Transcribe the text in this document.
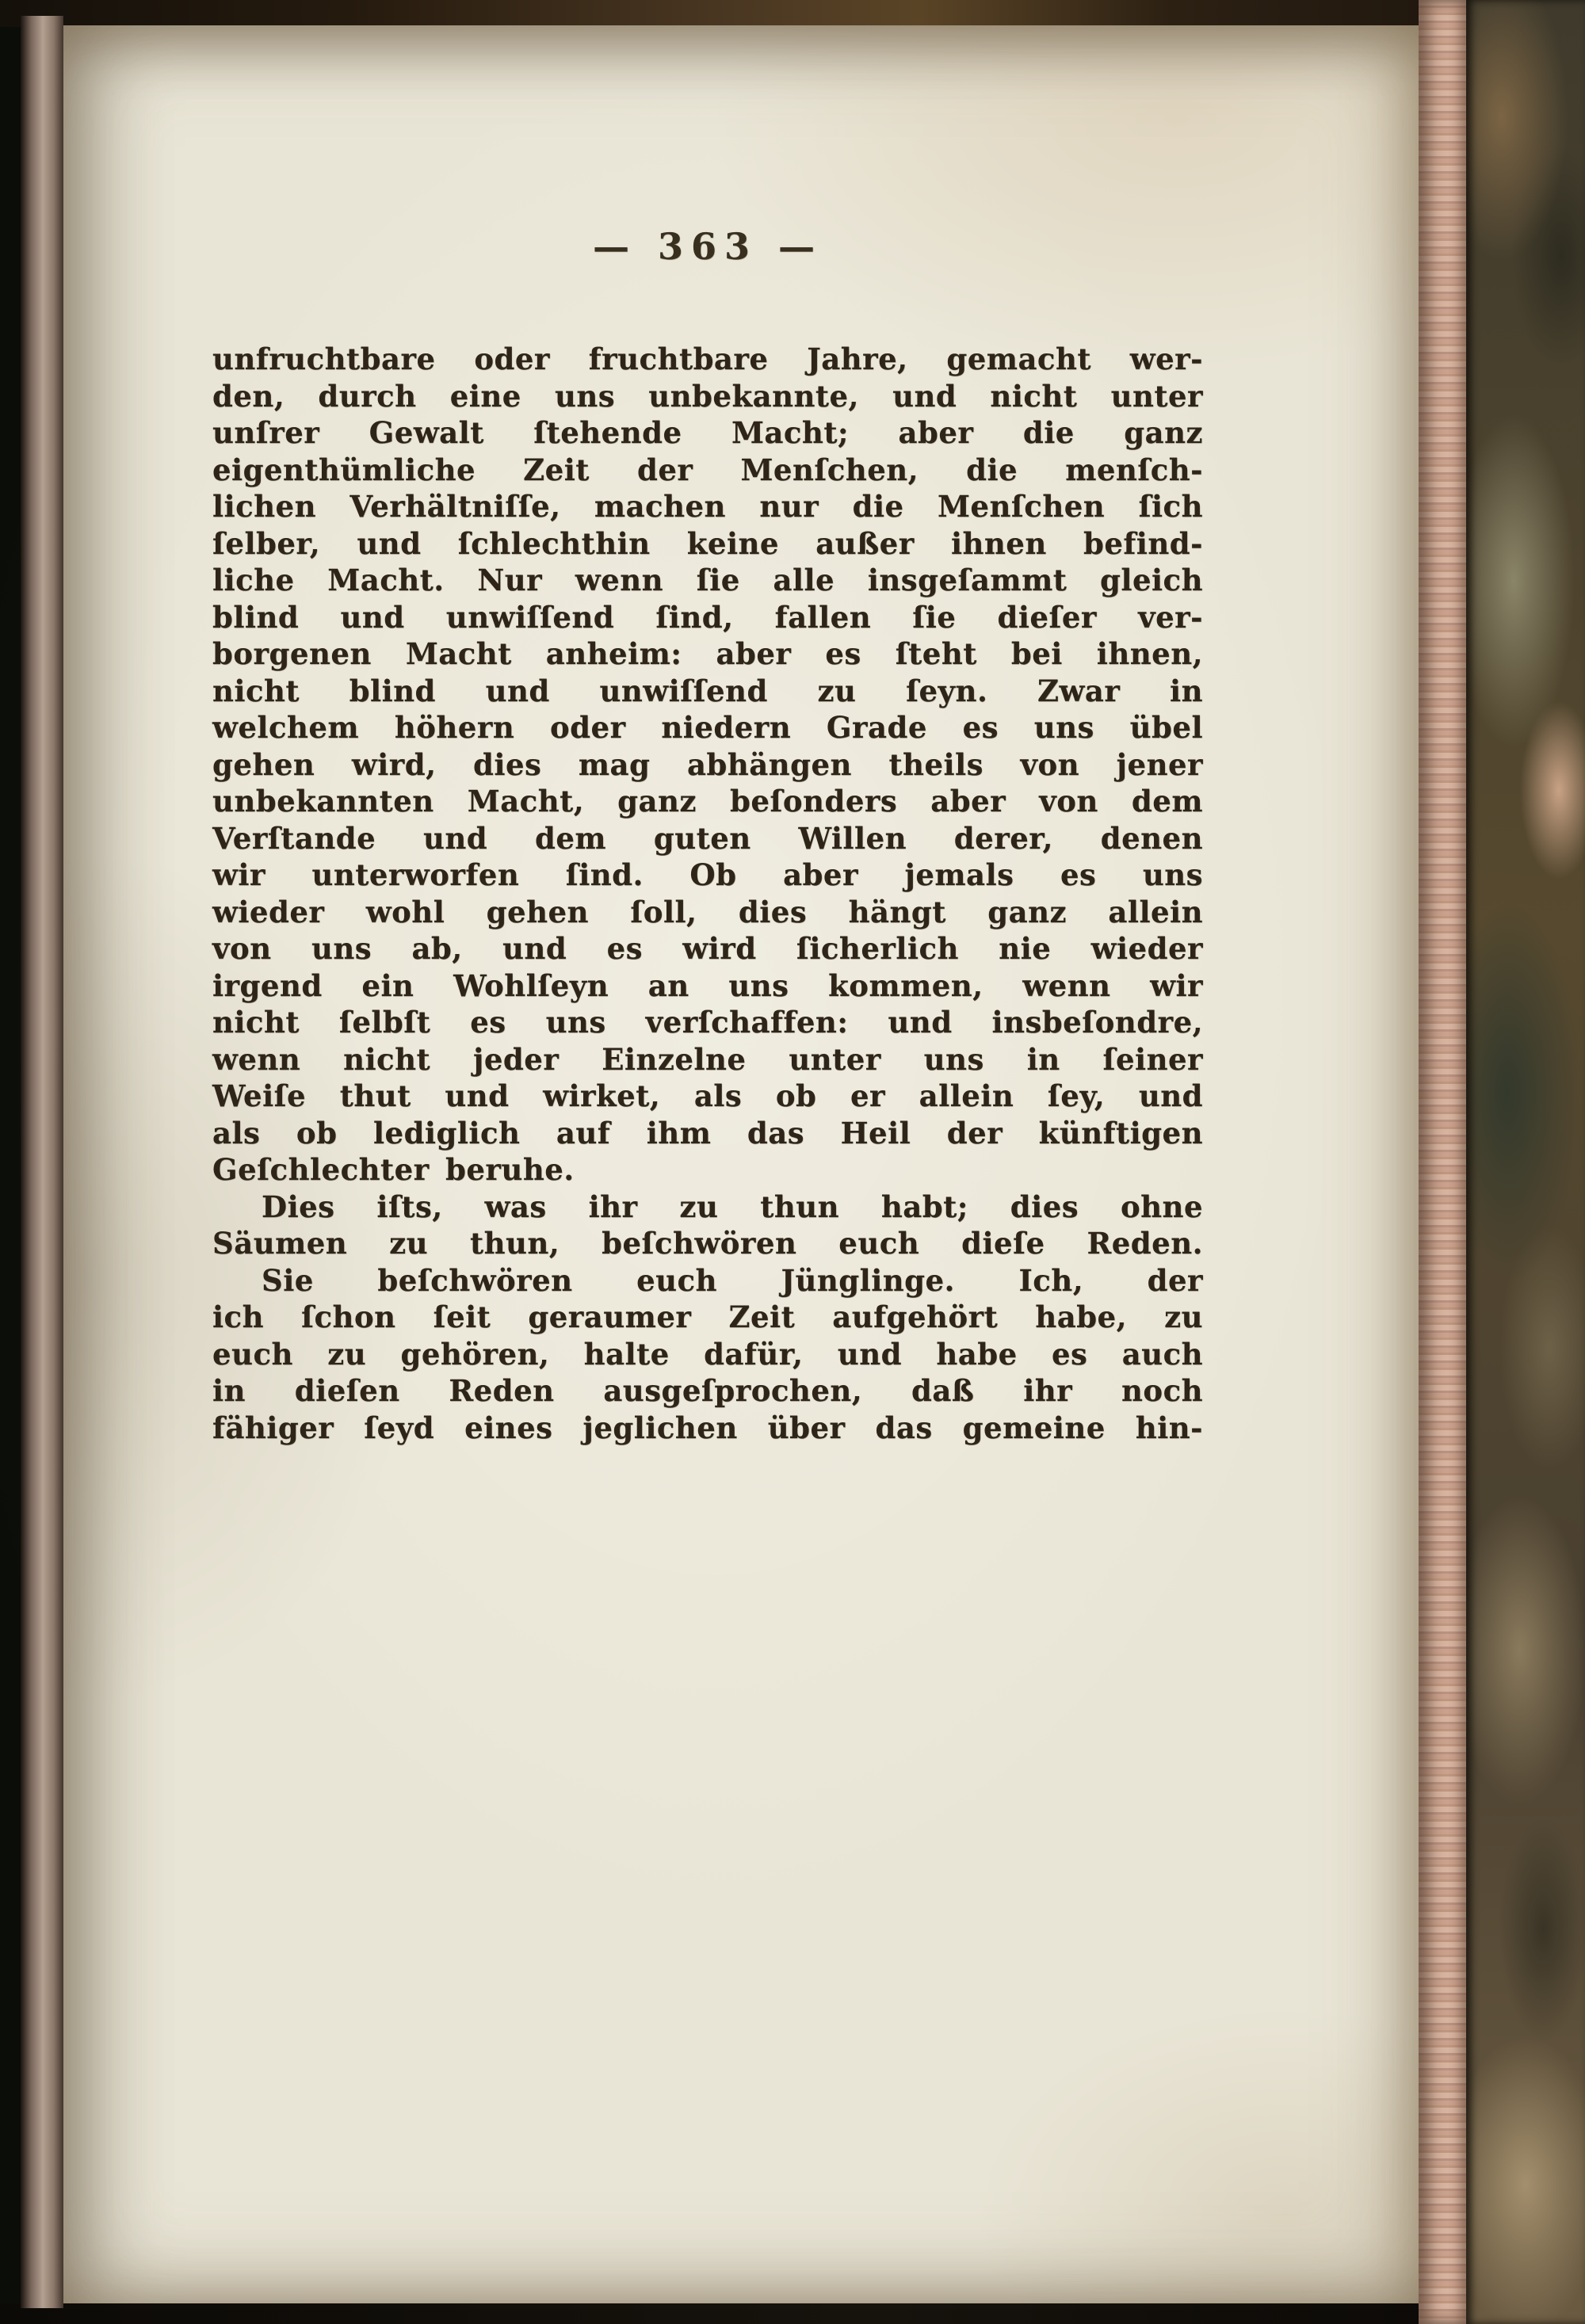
— 363 —
unfruchtbare oder fruchtbare Jahre, gemacht wer-
den, durch eine uns unbekannte, und nicht unter
unſrer Gewalt ſtehende Macht; aber die ganz
eigenthümliche Zeit der Menſchen, die menſch-
lichen Verhältniſſe, machen nur die Menſchen ſich
ſelber, und ſchlechthin keine außer ihnen befind-
liche Macht. Nur wenn ſie alle insgeſammt gleich
blind und unwiſſend ſind, fallen ſie dieſer ver-
borgenen Macht anheim: aber es ſteht bei ihnen,
nicht blind und unwiſſend zu ſeyn. Zwar in
welchem höhern oder niedern Grade es uns übel
gehen wird, dies mag abhängen theils von jener
unbekannten Macht, ganz beſonders aber von dem
Verſtande und dem guten Willen derer, denen
wir unterworfen ſind. Ob aber jemals es uns
wieder wohl gehen ſoll, dies hängt ganz allein
von uns ab, und es wird ſicherlich nie wieder
irgend ein Wohlſeyn an uns kommen, wenn wir
nicht ſelbſt es uns verſchaffen: und insbeſondre,
wenn nicht jeder Einzelne unter uns in ſeiner
Weiſe thut und wirket, als ob er allein ſey, und
als ob lediglich auf ihm das Heil der künftigen
Geſchlechter beruhe.
Dies iſts, was ihr zu thun habt; dies ohne
Säumen zu thun, beſchwören euch dieſe Reden.
Sie beſchwören euch Jünglinge. Ich, der
ich ſchon ſeit geraumer Zeit aufgehört habe, zu
euch zu gehören, halte dafür, und habe es auch
in dieſen Reden ausgeſprochen, daß ihr noch
fähiger ſeyd eines jeglichen über das gemeine hin-
